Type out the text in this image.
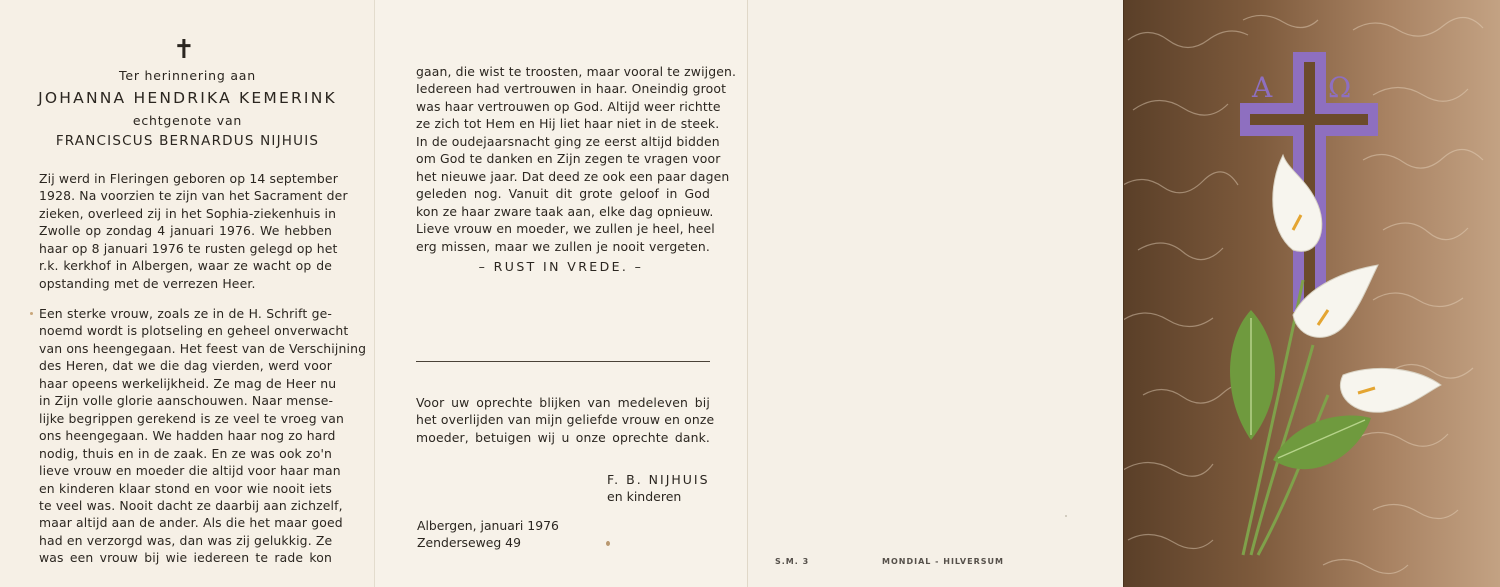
✝
Ter herinnering aan
JOHANNA HENDRIKA KEMERINK
echtgenote van
FRANCISCUS BERNARDUS NIJHUIS
Zij werd in Fleringen geboren op 14 september
1928. Na voorzien te zijn van het Sacrament der
zieken, overleed zij in het Sophia-ziekenhuis in
Zwolle op zondag 4 januari 1976. We hebben
haar op 8 januari 1976 te rusten gelegd op het
r.k. kerkhof in Albergen, waar ze wacht op de
opstanding met de verrezen Heer.
Een sterke vrouw, zoals ze in de H. Schrift ge-
noemd wordt is plotseling en geheel onverwacht
van ons heengegaan. Het feest van de Verschijning
des Heren, dat we die dag vierden, werd voor
haar opeens werkelijkheid. Ze mag de Heer nu
in Zijn volle glorie aanschouwen. Naar mense-
lijke begrippen gerekend is ze veel te vroeg van
ons heengegaan. We hadden haar nog zo hard
nodig, thuis en in de zaak. En ze was ook zo'n
lieve vrouw en moeder die altijd voor haar man
en kinderen klaar stond en voor wie nooit iets
te veel was. Nooit dacht ze daarbij aan zichzelf,
maar altijd aan de ander. Als die het maar goed
had en verzorgd was, dan was zij gelukkig. Ze
was een vrouw bij wie iedereen te rade kon
gaan, die wist te troosten, maar vooral te zwijgen.
Iedereen had vertrouwen in haar. Oneindig groot
was haar vertrouwen op God. Altijd weer richtte
ze zich tot Hem en Hij liet haar niet in de steek.
In de oudejaarsnacht ging ze eerst altijd bidden
om God te danken en Zijn zegen te vragen voor
het nieuwe jaar. Dat deed ze ook een paar dagen
geleden nog. Vanuit dit grote geloof in God
kon ze haar zware taak aan, elke dag opnieuw.
Lieve vrouw en moeder, we zullen je heel, heel
erg missen, maar we zullen je nooit vergeten.
– RUST IN VREDE. –
Voor uw oprechte blijken van medeleven bij
het overlijden van mijn geliefde vrouw en onze
moeder, betuigen wij u onze oprechte dank.
F. B. NIJHUIS
en kinderen
Albergen, januari 1976
Zenderseweg 49
S.M. 3	MONDIAL - HILVERSUM
A Ω
